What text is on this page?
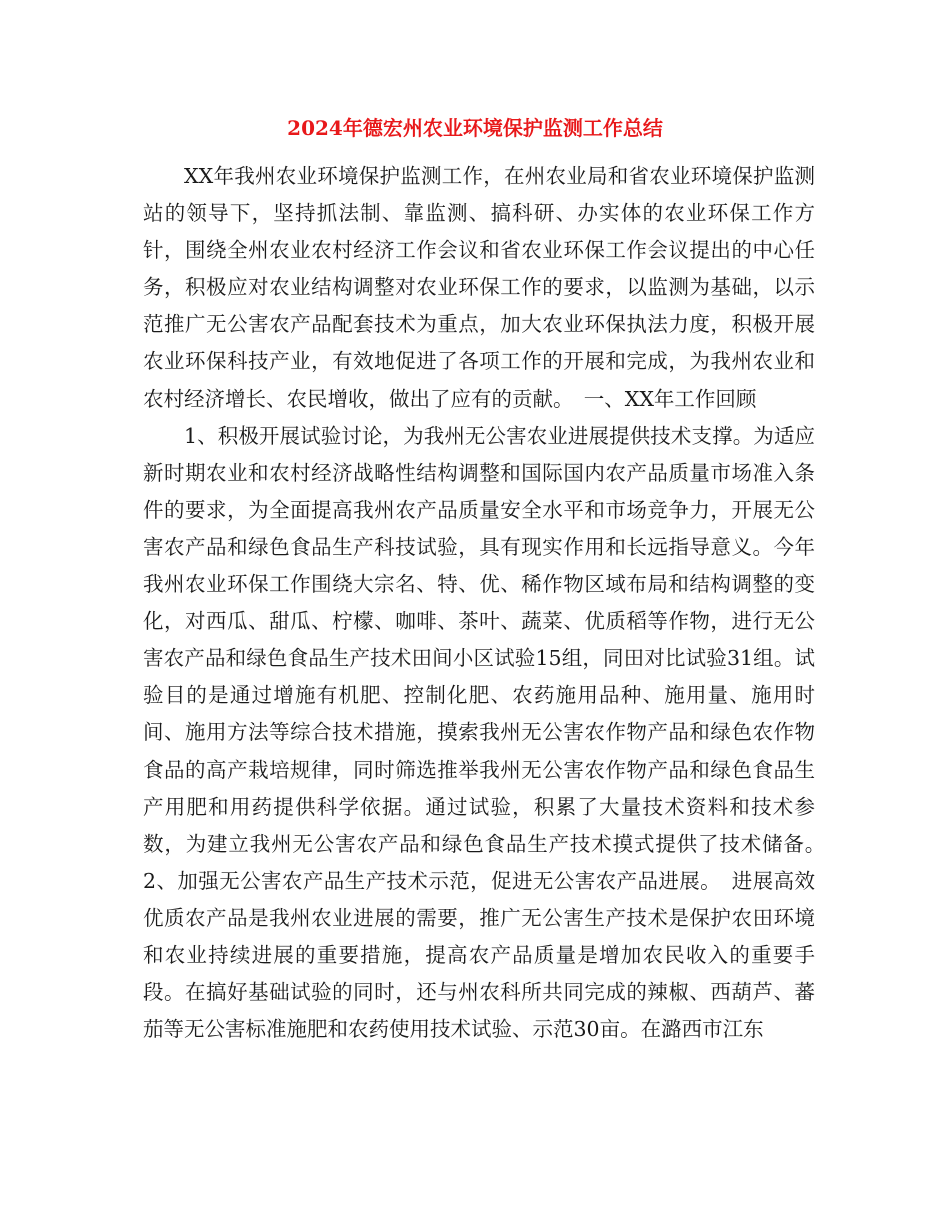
2024年德宏州农业环境保护监测工作总结

XX年我州农业环境保护监测工作，在州农业局和省农业环境保护监测站的领导下，坚持抓法制、靠监测、搞科研、办实体的农业环保工作方针，围绕全州农业农村经济工作会议和省农业环保工作会议提出的中心任务，积极应对农业结构调整对农业环保工作的要求，以监测为基础，以示范推广无公害农产品配套技术为重点，加大农业环保执法力度，积极开展农业环保科技产业，有效地促进了各项工作的开展和完成，为我州农业和农村经济增长、农民增收，做出了应有的贡献。　一、XX年工作回顾

1、积极开展试验讨论，为我州无公害农业进展提供技术支撑。为适应新时期农业和农村经济战略性结构调整和国际国内农产品质量市场准入条件的要求，为全面提高我州农产品质量安全水平和市场竞争力，开展无公害农产品和绿色食品生产科技试验，具有现实作用和长远指导意义。今年我州农业环保工作围绕大宗名、特、优、稀作物区域布局和结构调整的变化，对西瓜、甜瓜、柠檬、咖啡、茶叶、蔬菜、优质稻等作物，进行无公害农产品和绿色食品生产技术田间小区试验15组，同田对比试验31组。试验目的是通过增施有机肥、控制化肥、农药施用品种、施用量、施用时间、施用方法等综合技术措施，摸索我州无公害农作物产品和绿色农作物食品的高产栽培规律，同时筛选推举我州无公害农作物产品和绿色食品生产用肥和用药提供科学依据。通过试验，积累了大量技术资料和技术参数，为建立我州无公害农产品和绿色食品生产技术摸式提供了技术储备。　2、加强无公害农产品生产技术示范，促进无公害农产品进展。　进展高效优质农产品是我州农业进展的需要，推广无公害生产技术是保护农田环境和农业持续进展的重要措施，提高农产品质量是增加农民收入的重要手段。在搞好基础试验的同时，还与州农科所共同完成的辣椒、西葫芦、蕃茄等无公害标准施肥和农药使用技术试验、示范30亩。在潞西市江东
